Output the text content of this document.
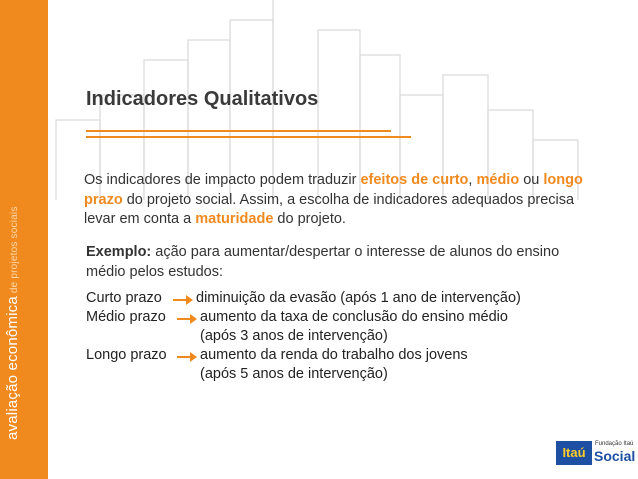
avaliação econômicade projetos sociais
Indicadores Qualitativos
Os indicadores de impacto podem traduzir efeitos de curto, médio ou longo prazo do projeto social. Assim, a escolha de indicadores adequados precisa levar em conta a maturidade do projeto.
Exemplo: ação para aumentar/despertar o interesse de alunos do ensino médio pelos estudos:
Curto prazo diminuição da evasão (após 1 ano de intervenção)
Médio prazo aumento da taxa de conclusão do ensino médio
(após 3 anos de intervenção)
Longo prazo aumento da renda do trabalho dos jovens
(após 5 anos de intervenção)
Itaú
Fundação Itaú
Social
